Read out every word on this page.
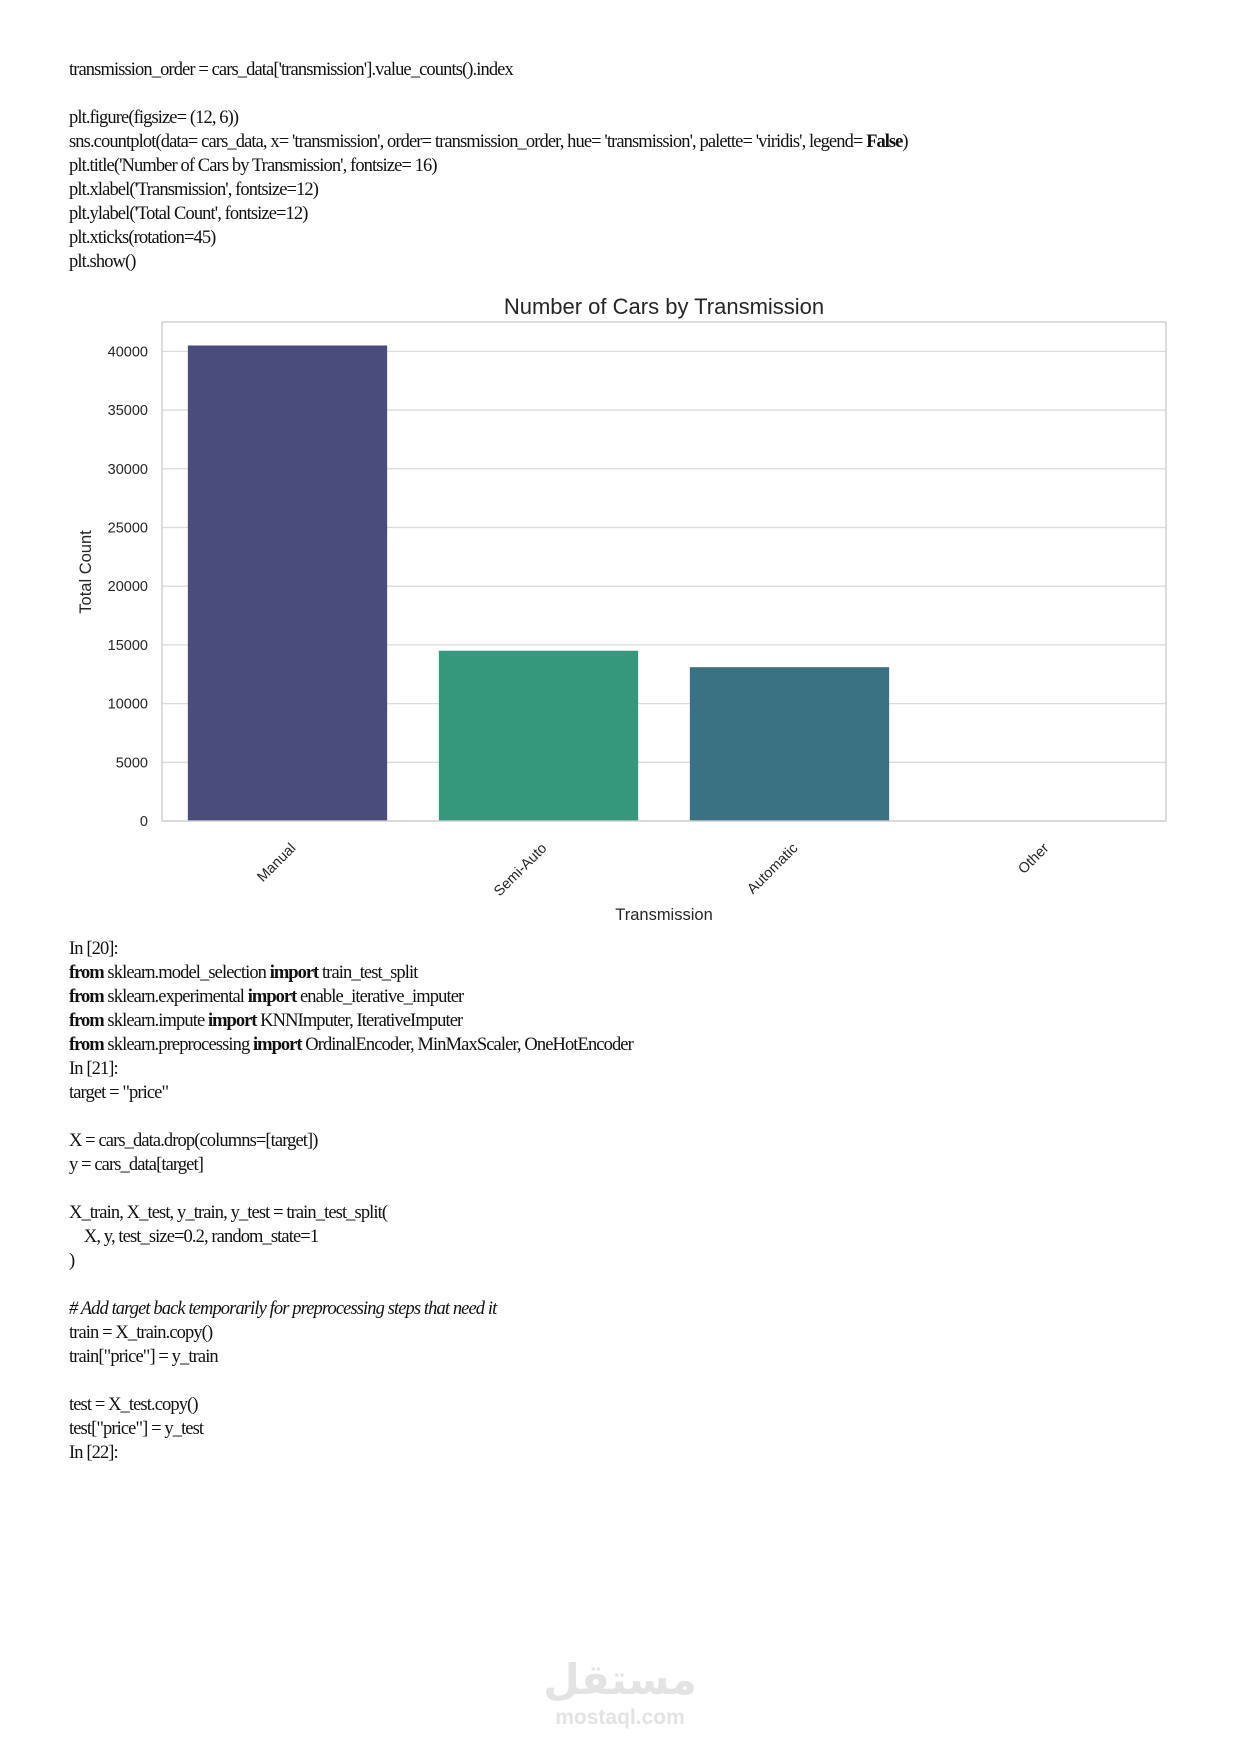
transmission_order = cars_data['transmission'].value_counts().index
plt.figure(figsize= (12, 6))
sns.countplot(data= cars_data, x= 'transmission', order= transmission_order, hue= 'transmission', palette= 'viridis', legend= False)
plt.title('Number of Cars by Transmission', fontsize= 16)
plt.xlabel('Transmission', fontsize=12)
plt.ylabel('Total Count', fontsize=12)
plt.xticks(rotation=45)
plt.show()
Number of Cars by Transmission
0
5000
10000
15000
20000
25000
30000
35000
40000
Manual	Semi-Auto	Automatic	Other
Transmission
Total Count
In [20]:
from sklearn.model_selection import train_test_split
from sklearn.experimental import enable_iterative_imputer
from sklearn.impute import KNNImputer, IterativeImputer
from sklearn.preprocessing import OrdinalEncoder, MinMaxScaler, OneHotEncoder
In [21]:
target = "price"
X = cars_data.drop(columns=[target])
y = cars_data[target]
X_train, X_test, y_train, y_test = train_test_split(
X, y, test_size=0.2, random_state=1
)
# Add target back temporarily for preprocessing steps that need it
train = X_train.copy()
train["price"] = y_train
test = X_test.copy()
test["price"] = y_test
In [22]:
مستقل
mostaql.com
